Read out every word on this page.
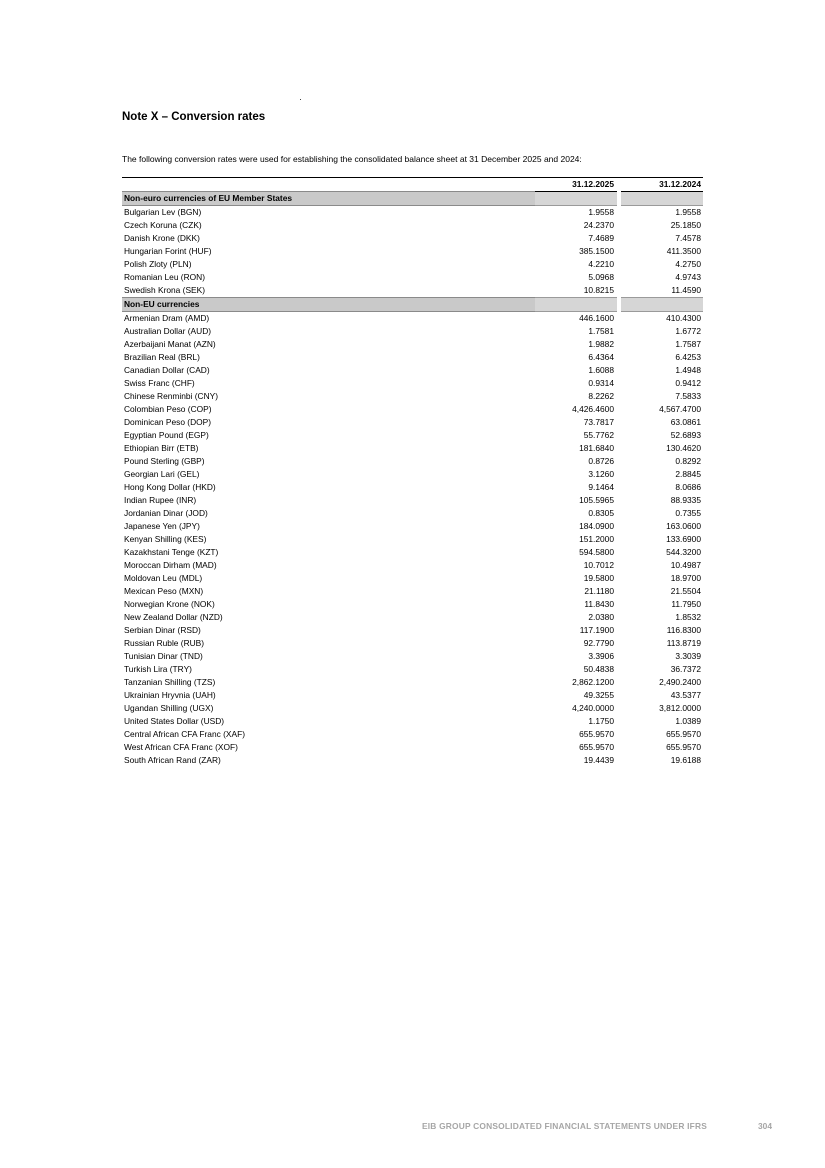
Note X – Conversion rates
The following conversion rates were used for establishing the consolidated balance sheet at 31 December 2025 and 2024:
	31.12.2025		31.12.2024
Non-euro currencies of EU Member States			
Bulgarian Lev (BGN)	1.9558		1.9558
Czech Koruna (CZK)	24.2370		25.1850
Danish Krone (DKK)	7.4689		7.4578
Hungarian Forint (HUF)	385.1500		411.3500
Polish Zloty (PLN)	4.2210		4.2750
Romanian Leu (RON)	5.0968		4.9743
Swedish Krona (SEK)	10.8215		11.4590
Non-EU currencies			
Armenian Dram (AMD)	446.1600		410.4300
Australian Dollar (AUD)	1.7581		1.6772
Azerbaijani Manat (AZN)	1.9882		1.7587
Brazilian Real (BRL)	6.4364		6.4253
Canadian Dollar (CAD)	1.6088		1.4948
Swiss Franc (CHF)	0.9314		0.9412
Chinese Renminbi (CNY)	8.2262		7.5833
Colombian Peso (COP)	4,426.4600		4,567.4700
Dominican Peso (DOP)	73.7817		63.0861
Egyptian Pound (EGP)	55.7762		52.6893
Ethiopian Birr (ETB)	181.6840		130.4620
Pound Sterling (GBP)	0.8726		0.8292
Georgian Lari (GEL)	3.1260		2.8845
Hong Kong Dollar (HKD)	9.1464		8.0686
Indian Rupee (INR)	105.5965		88.9335
Jordanian Dinar (JOD)	0.8305		0.7355
Japanese Yen (JPY)	184.0900		163.0600
Kenyan Shilling (KES)	151.2000		133.6900
Kazakhstani Tenge (KZT)	594.5800		544.3200
Moroccan Dirham (MAD)	10.7012		10.4987
Moldovan Leu (MDL)	19.5800		18.9700
Mexican Peso (MXN)	21.1180		21.5504
Norwegian Krone (NOK)	11.8430		11.7950
New Zealand Dollar (NZD)	2.0380		1.8532
Serbian Dinar (RSD)	117.1900		116.8300
Russian Ruble (RUB)	92.7790		113.8719
Tunisian Dinar (TND)	3.3906		3.3039
Turkish Lira (TRY)	50.4838		36.7372
Tanzanian Shilling (TZS)	2,862.1200		2,490.2400
Ukrainian Hryvnia (UAH)	49.3255		43.5377
Ugandan Shilling (UGX)	4,240.0000		3,812.0000
United States Dollar (USD)	1.1750		1.0389
Central African CFA Franc (XAF)	655.9570		655.9570
West African CFA Franc (XOF)	655.9570		655.9570
South African Rand (ZAR)	19.4439		19.6188
EIB GROUP CONSOLIDATED FINANCIAL STATEMENTS UNDER IFRS	304
